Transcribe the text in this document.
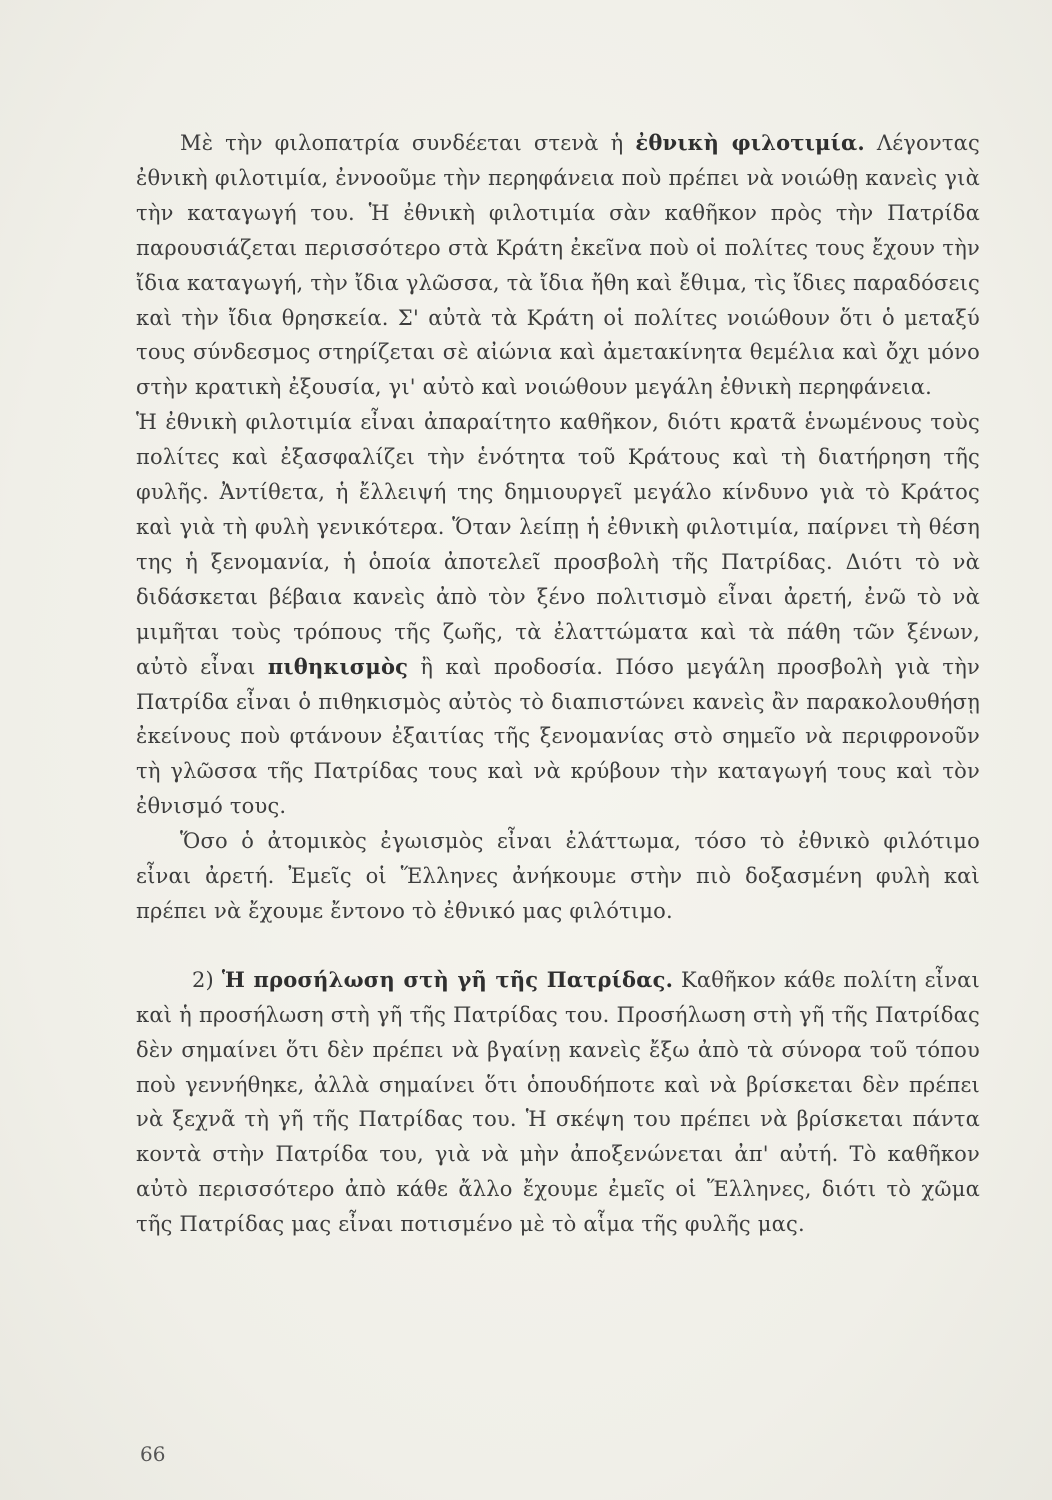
Μὲ τὴν φιλοπατρία συνδέεται στενὰ ἡ ἐθνικὴ φιλοτιμία. Λέγοντας ἐθνικὴ φιλοτιμία, ἐννοοῦμε τὴν περηφάνεια ποὺ πρέπει νὰ νοιώθῃ κανεὶς γιὰ τὴν καταγωγή του. Ἡ ἐθνικὴ φιλοτιμία σὰν καθῆκον πρὸς τὴν Πατρίδα παρουσιάζεται περισσότερο στὰ Κράτη ἐκεῖνα ποὺ οἱ πολίτες τους ἔχουν τὴν ἴδια καταγωγή, τὴν ἴδια γλῶσσα, τὰ ἴδια ἤθη καὶ ἔθιμα, τὶς ἴδιες παραδόσεις καὶ τὴν ἴδια θρησκεία. Σ' αὐτὰ τὰ Κράτη οἱ πολίτες νοιώθουν ὅτι ὁ μεταξύ τους σύνδεσμος στηρίζεται σὲ αἰώνια καὶ ἀμετακίνητα θεμέλια καὶ ὄχι μόνο στὴν κρατικὴ ἐξουσία, γι' αὐτὸ καὶ νοιώθουν μεγάλη ἐθνικὴ περηφάνεια.

Ἡ ἐθνικὴ φιλοτιμία εἶναι ἀπαραίτητο καθῆκον, διότι κρατᾶ ἑνωμένους τοὺς πολίτες καὶ ἐξασφαλίζει τὴν ἑνότητα τοῦ Κράτους καὶ τὴ διατήρηση τῆς φυλῆς. Ἀντίθετα, ἡ ἔλλειψή της δημιουργεῖ μεγάλο κίνδυνο γιὰ τὸ Κράτος καὶ γιὰ τὴ φυλὴ γενικότερα. Ὅταν λείπῃ ἡ ἐθνικὴ φιλοτιμία, παίρνει τὴ θέση της ἡ ξενομανία, ἡ ὁποία ἀποτελεῖ προσβολὴ τῆς Πατρίδας. Διότι τὸ νὰ διδάσκεται βέβαια κανεὶς ἀπὸ τὸν ξένο πολιτισμὸ εἶναι ἀρετή, ἐνῶ τὸ νὰ μιμῆται τοὺς τρόπους τῆς ζωῆς, τὰ ἐλαττώματα καὶ τὰ πάθη τῶν ξένων, αὐτὸ εἶναι πιθηκισμὸς ἢ καὶ προδοσία. Πόσο μεγάλη προσβολὴ γιὰ τὴν Πατρίδα εἶναι ὁ πιθηκισμὸς αὐτὸς τὸ διαπιστώνει κανεὶς ἂν παρακολουθήσῃ ἐκείνους ποὺ φτάνουν ἐξαιτίας τῆς ξενομανίας στὸ σημεῖο νὰ περιφρονοῦν τὴ γλῶσσα τῆς Πατρίδας τους καὶ νὰ κρύβουν τὴν καταγωγή τους καὶ τὸν ἐθνισμό τους.

Ὅσο ὁ ἀτομικὸς ἐγωισμὸς εἶναι ἐλάττωμα, τόσο τὸ ἐθνικὸ φιλότιμο εἶναι ἀρετή. Ἐμεῖς οἱ Ἕλληνες ἀνήκουμε στὴν πιὸ δοξασμένη φυλὴ καὶ πρέπει νὰ ἔχουμε ἔντονο τὸ ἐθνικό μας φιλότιμο.

2) Ἡ προσήλωση στὴ γῆ τῆς Πατρίδας. Καθῆκον κάθε πολίτη εἶναι καὶ ἡ προσήλωση στὴ γῆ τῆς Πατρίδας του. Προσήλωση στὴ γῆ τῆς Πατρίδας δὲν σημαίνει ὅτι δὲν πρέπει νὰ βγαίνῃ κανεὶς ἔξω ἀπὸ τὰ σύνορα τοῦ τόπου ποὺ γεννήθηκε, ἀλλὰ σημαίνει ὅτι ὁπουδήποτε καὶ νὰ βρίσκεται δὲν πρέπει νὰ ξεχνᾶ τὴ γῆ τῆς Πατρίδας του. Ἡ σκέψη του πρέπει νὰ βρίσκεται πάντα κοντὰ στὴν Πατρίδα του, γιὰ νὰ μὴν ἀποξενώνεται ἀπ' αὐτή. Τὸ καθῆκον αὐτὸ περισσότερο ἀπὸ κάθε ἄλλο ἔχουμε ἐμεῖς οἱ Ἕλληνες, διότι τὸ χῶμα τῆς Πατρίδας μας εἶναι ποτισμένο μὲ τὸ αἷμα τῆς φυλῆς μας.

66
